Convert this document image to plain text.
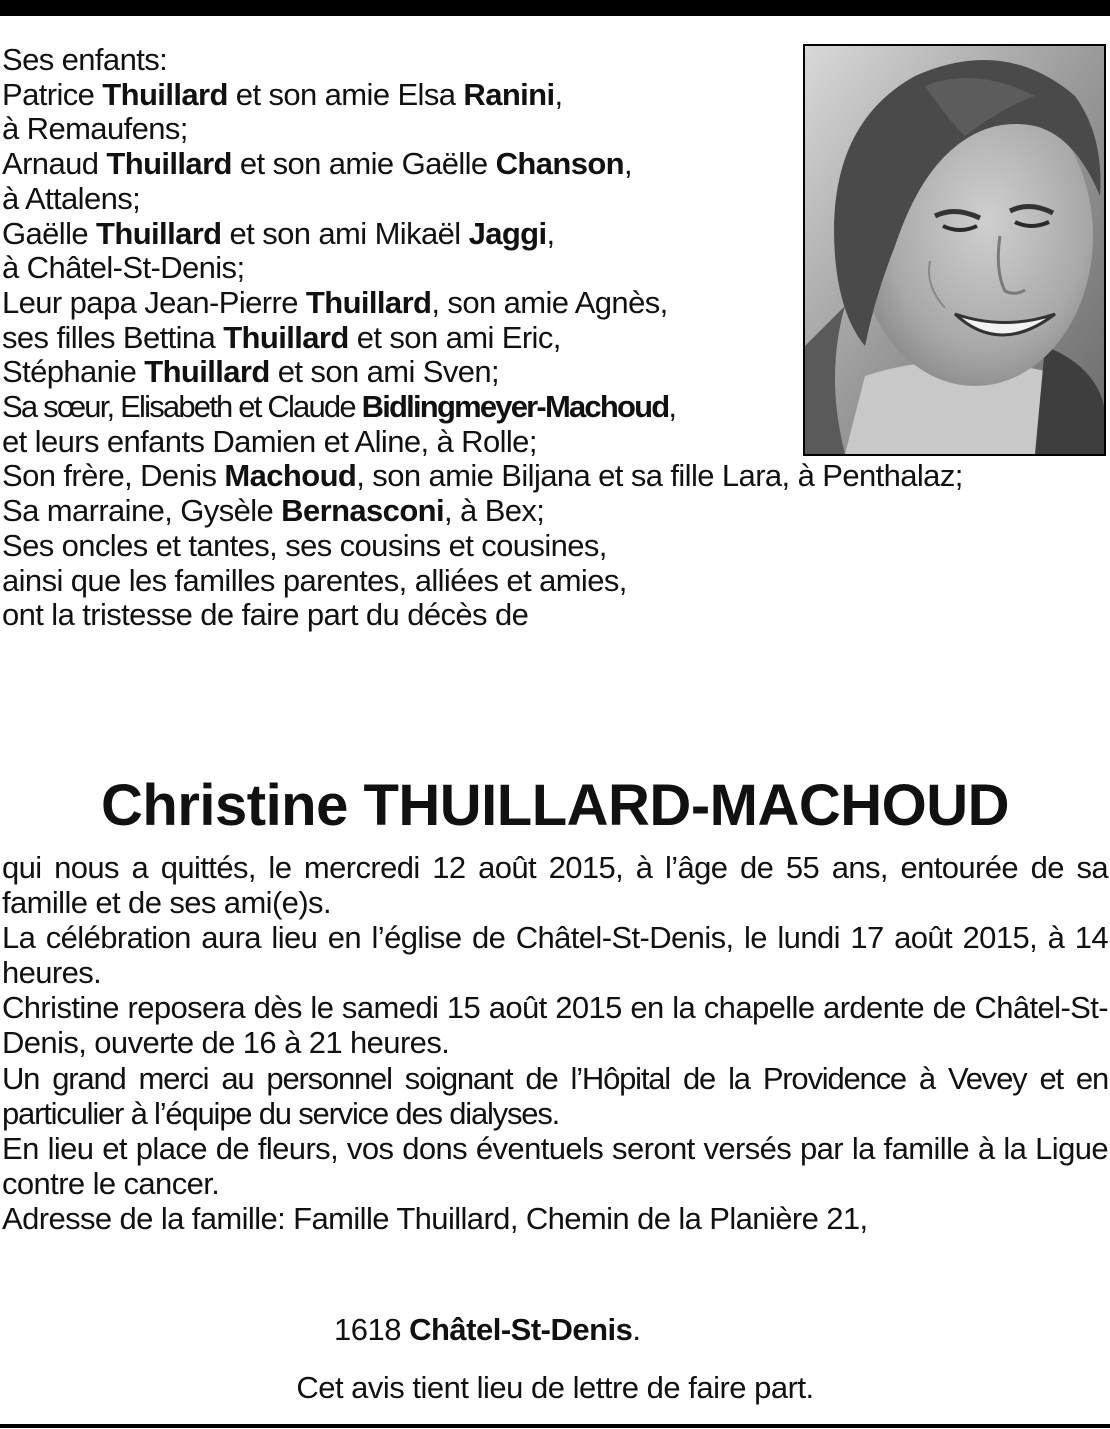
Ses enfants:
Patrice Thuillard et son amie Elsa Ranini,
à Remaufens;
Arnaud Thuillard et son amie Gaëlle Chanson,
à Attalens;
Gaëlle Thuillard et son ami Mikaël Jaggi,
à Châtel-St-Denis;
Leur papa Jean-Pierre Thuillard, son amie Agnès,
ses filles Bettina Thuillard et son ami Eric,
Stéphanie Thuillard et son ami Sven;
Sa sœur, Elisabeth et Claude Bidlingmeyer-Machoud,
et leurs enfants Damien et Aline, à Rolle;
Son frère, Denis Machoud, son amie Biljana et sa fille Lara, à Penthalaz;
Sa marraine, Gysèle Bernasconi, à Bex;
Ses oncles et tantes, ses cousins et cousines,
ainsi que les familles parentes, alliées et amies,
ont la tristesse de faire part du décès de
Christine THUILLARD-MACHOUD
qui nous a quittés, le mercredi 12 août 2015, à l’âge de 55 ans, entourée de sa famille et de ses ami(e)s.
La célébration aura lieu en l’église de Châtel-St-Denis, le lundi 17 août 2015, à 14 heures.
Christine reposera dès le samedi 15 août 2015 en la chapelle ardente de Châtel-St-Denis, ouverte de 16 à 21 heures.
Un grand merci au personnel soignant de l’Hôpital de la Providence à Vevey et en particulier à l’équipe du service des dialyses.
En lieu et place de fleurs, vos dons éventuels seront versés par la famille à la Ligue contre le cancer.
Adresse de la famille: Famille Thuillard, Chemin de la Planière 21,
1618 Châtel-St-Denis.
Cet avis tient lieu de lettre de faire part.
